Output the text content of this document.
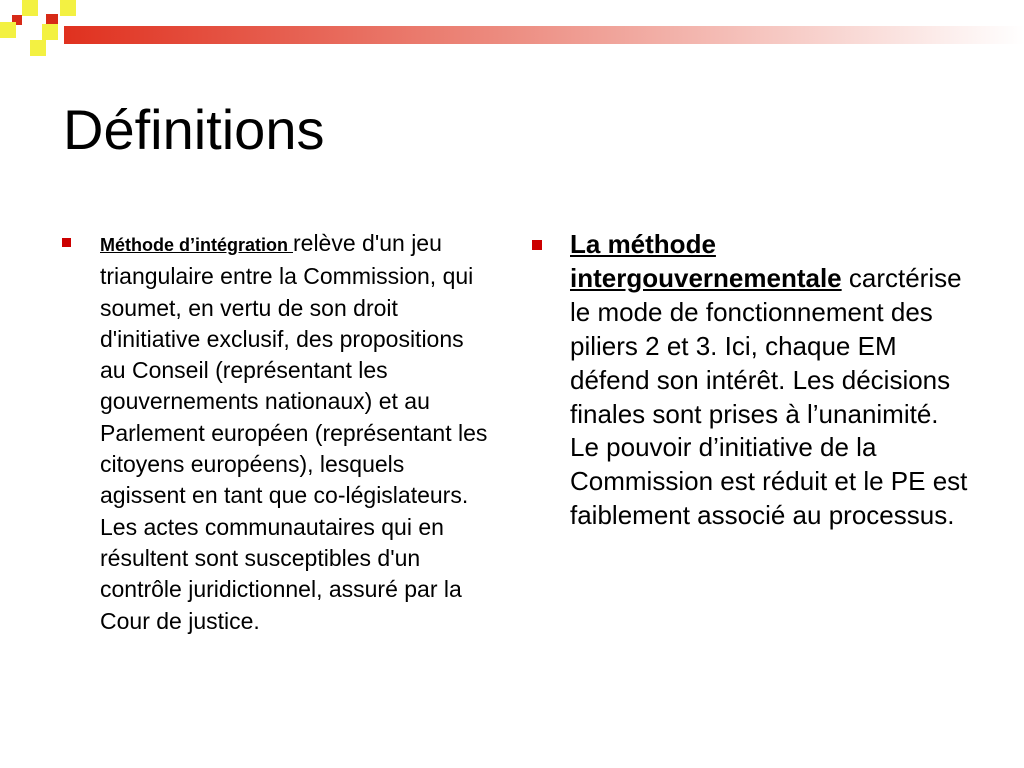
Définitions
Méthode d’intégration relève d'un jeu triangulaire entre la Commission, qui soumet, en vertu de son droit d'initiative exclusif, des propositions au Conseil (représentant les gouvernements nationaux) et au Parlement européen (représentant les citoyens européens), lesquels agissent en tant que co-législateurs. Les actes communautaires qui en résultent sont susceptibles d'un contrôle juridictionnel, assuré par la Cour de justice.
La méthode intergouvernementale carctérise le mode de fonctionnement des piliers 2 et 3. Ici, chaque EM défend son intérêt. Les décisions finales sont prises à l’unanimité. Le pouvoir d’initiative de la Commission est réduit et le PE est faiblement associé au processus.
